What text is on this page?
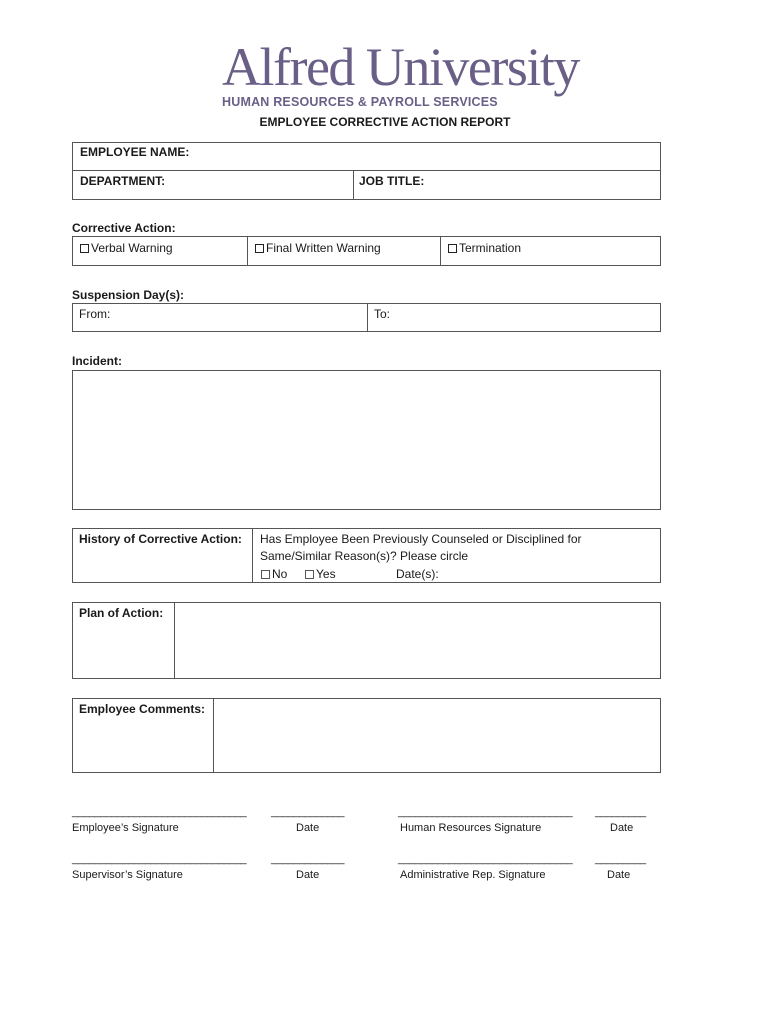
Alfred University
HUMAN RESOURCES & PAYROLL SERVICES
EMPLOYEE CORRECTIVE ACTION REPORT
EMPLOYEE NAME:
DEPARTMENT:	JOB TITLE:
Corrective Action:
Verbal Warning	Final Written Warning	Termination
Suspension Day(s):
From:	To:
Incident:
History of Corrective Action: Has Employee Been Previously Counseled or Disciplined for
Same/Similar Reason(s)? Please circle
No	Yes	Date(s):
Plan of Action:
Employee Comments:
_______________________________ _____________	_______________________________ _________
Employee’s Signature	Date	Human Resources Signature	Date
_______________________________ _____________	_______________________________ _________
Supervisor’s Signature	Date	Administrative Rep. Signature	Date
